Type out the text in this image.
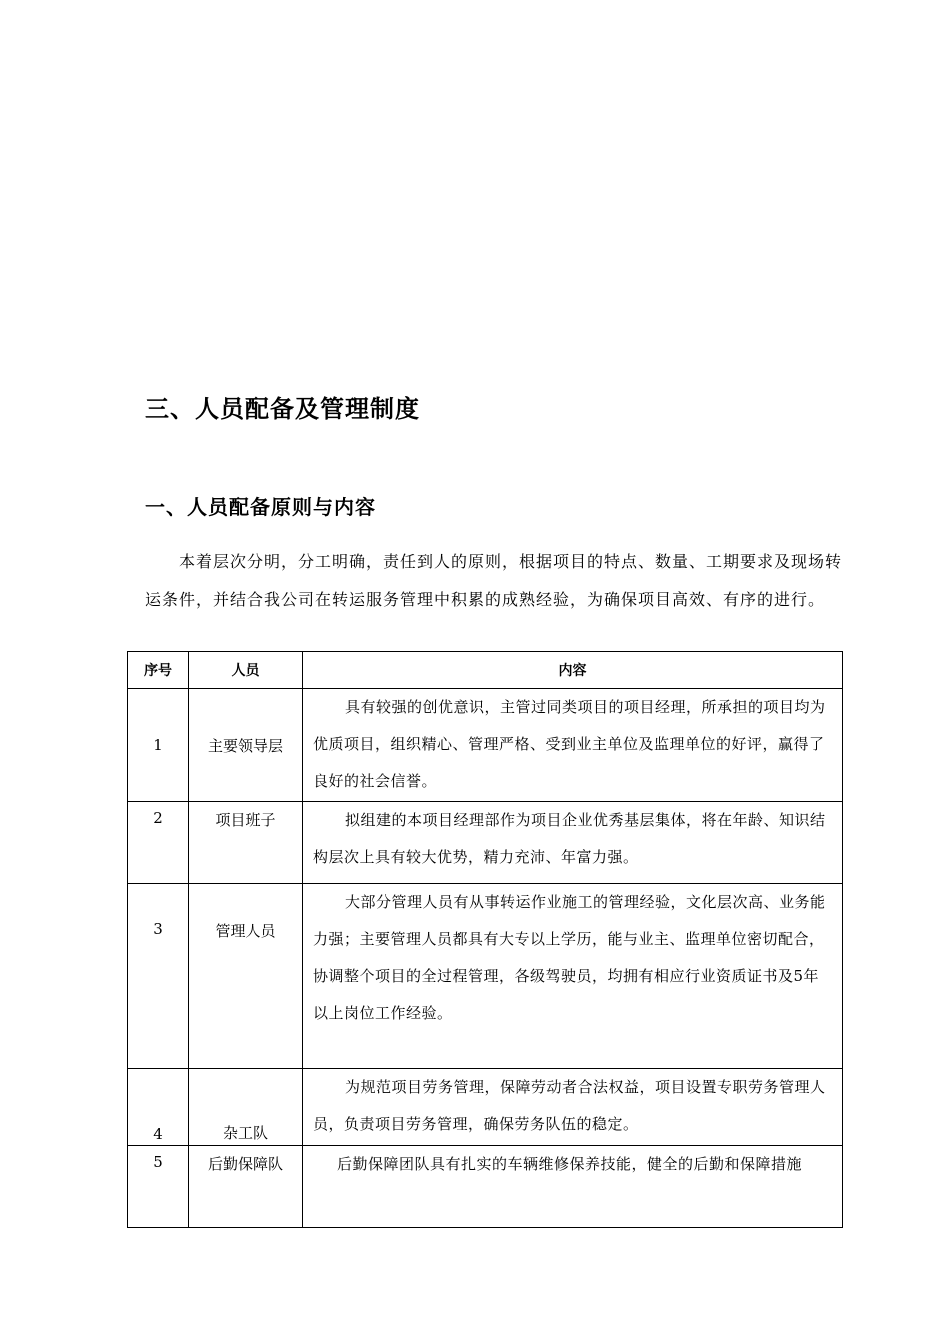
三、人员配备及管理制度
一、人员配备原则与内容

本着层次分明，分工明确，责任到人的原则，根据项目的特点、数量、工期要求及现场转运条件，并结合我公司在转运服务管理中积累的成熟经验，为确保项目高效、有序的进行。

序号	人员	内容
1	主要领导层	具有较强的创优意识，主管过同类项目的项目经理，所承担的项目均为优质项目，组织精心、管理严格、受到业主单位及监理单位的好评，赢得了良好的社会信誉。
2	项目班子	拟组建的本项目经理部作为项目企业优秀基层集体，将在年龄、知识结构层次上具有较大优势，精力充沛、年富力强。
3	管理人员	大部分管理人员有从事转运作业施工的管理经验，文化层次高、业务能力强；主要管理人员都具有大专以上学历，能与业主、监理单位密切配合，协调整个项目的全过程管理，各级驾驶员，均拥有相应行业资质证书及5年以上岗位工作经验。
4	杂工队	为规范项目劳务管理，保障劳动者合法权益，项目设置专职劳务管理人员，负责项目劳务管理，确保劳务队伍的稳定。
5	后勤保障队	后勤保障团队具有扎实的车辆维修保养技能，健全的后勤和保障措施
